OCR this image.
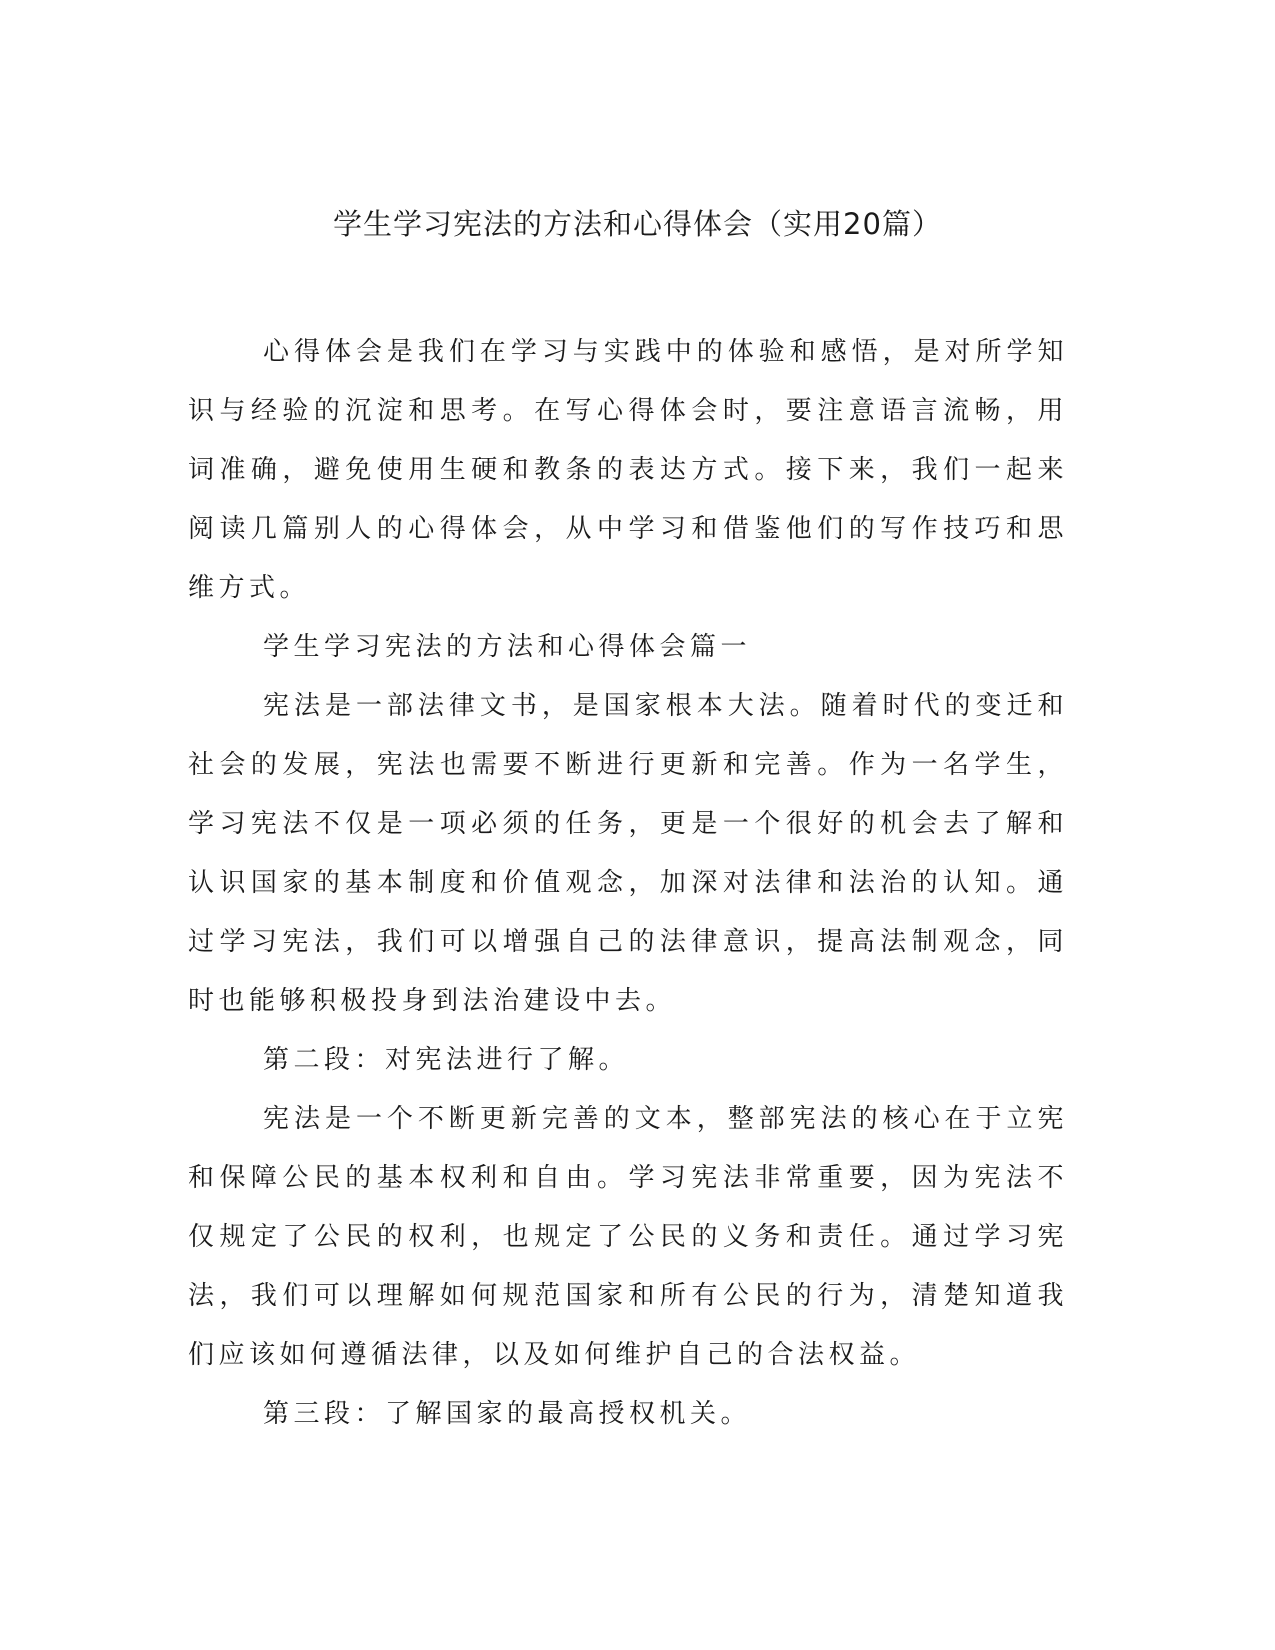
学生学习宪法的方法和心得体会（实用20篇）

心得体会是我们在学习与实践中的体验和感悟，是对所学知识与经验的沉淀和思考。在写心得体会时，要注意语言流畅，用词准确，避免使用生硬和教条的表达方式。接下来，我们一起来阅读几篇别人的心得体会，从中学习和借鉴他们的写作技巧和思维方式。

学生学习宪法的方法和心得体会篇一

宪法是一部法律文书，是国家根本大法。随着时代的变迁和社会的发展，宪法也需要不断进行更新和完善。作为一名学生，学习宪法不仅是一项必须的任务，更是一个很好的机会去了解和认识国家的基本制度和价值观念，加深对法律和法治的认知。通过学习宪法，我们可以增强自己的法律意识，提高法制观念，同时也能够积极投身到法治建设中去。

第二段：对宪法进行了解。

宪法是一个不断更新完善的文本，整部宪法的核心在于立宪和保障公民的基本权利和自由。学习宪法非常重要，因为宪法不仅规定了公民的权利，也规定了公民的义务和责任。通过学习宪法，我们可以理解如何规范国家和所有公民的行为，清楚知道我们应该如何遵循法律，以及如何维护自己的合法权益。

第三段：了解国家的最高授权机关。
